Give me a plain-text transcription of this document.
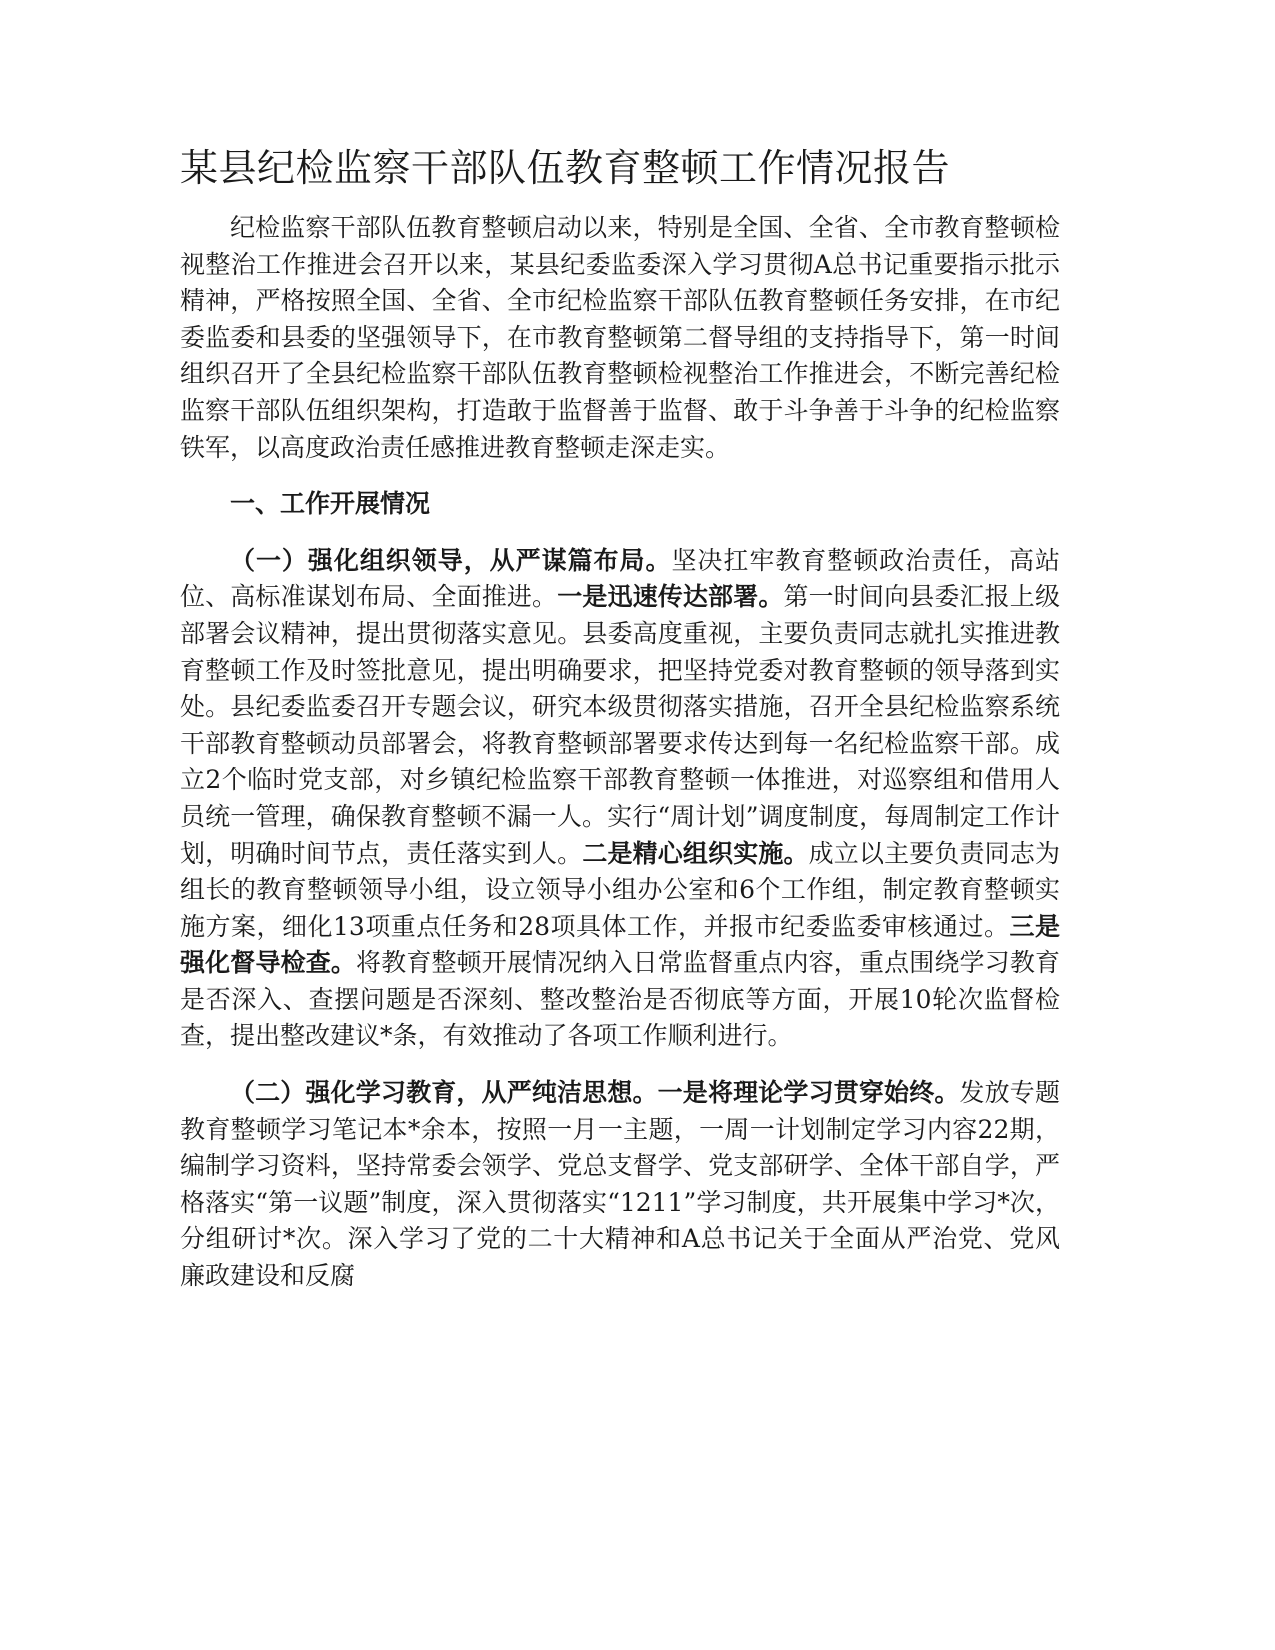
某县纪检监察干部队伍教育整顿工作情况报告

纪检监察干部队伍教育整顿启动以来，特别是全国、全省、全市教育整顿检视整治工作推进会召开以来，某县纪委监委深入学习贯彻A总书记重要指示批示精神，严格按照全国、全省、全市纪检监察干部队伍教育整顿任务安排，在市纪委监委和县委的坚强领导下，在市教育整顿第二督导组的支持指导下，第一时间组织召开了全县纪检监察干部队伍教育整顿检视整治工作推进会，不断完善纪检监察干部队伍组织架构，打造敢于监督善于监督、敢于斗争善于斗争的纪检监察铁军，以高度政治责任感推进教育整顿走深走实。

一、工作开展情况

（一）强化组织领导，从严谋篇布局。坚决扛牢教育整顿政治责任，高站位、高标准谋划布局、全面推进。一是迅速传达部署。第一时间向县委汇报上级部署会议精神，提出贯彻落实意见。县委高度重视，主要负责同志就扎实推进教育整顿工作及时签批意见，提出明确要求，把坚持党委对教育整顿的领导落到实处。县纪委监委召开专题会议，研究本级贯彻落实措施，召开全县纪检监察系统干部教育整顿动员部署会，将教育整顿部署要求传达到每一名纪检监察干部。成立2个临时党支部，对乡镇纪检监察干部教育整顿一体推进，对巡察组和借用人员统一管理，确保教育整顿不漏一人。实行“周计划”调度制度，每周制定工作计划，明确时间节点，责任落实到人。二是精心组织实施。成立以主要负责同志为组长的教育整顿领导小组，设立领导小组办公室和6个工作组，制定教育整顿实施方案，细化13项重点任务和28项具体工作，并报市纪委监委审核通过。三是强化督导检查。将教育整顿开展情况纳入日常监督重点内容，重点围绕学习教育是否深入、查摆问题是否深刻、整改整治是否彻底等方面，开展10轮次监督检查，提出整改建议*条，有效推动了各项工作顺利进行。

（二）强化学习教育，从严纯洁思想。一是将理论学习贯穿始终。发放专题教育整顿学习笔记本*余本，按照一月一主题，一周一计划制定学习内容22期，编制学习资料，坚持常委会领学、党总支督学、党支部研学、全体干部自学，严格落实“第一议题”制度，深入贯彻落实“1211”学习制度，共开展集中学习*次，分组研讨*次。深入学习了党的二十大精神和A总书记关于全面从严治党、党风廉政建设和反腐
